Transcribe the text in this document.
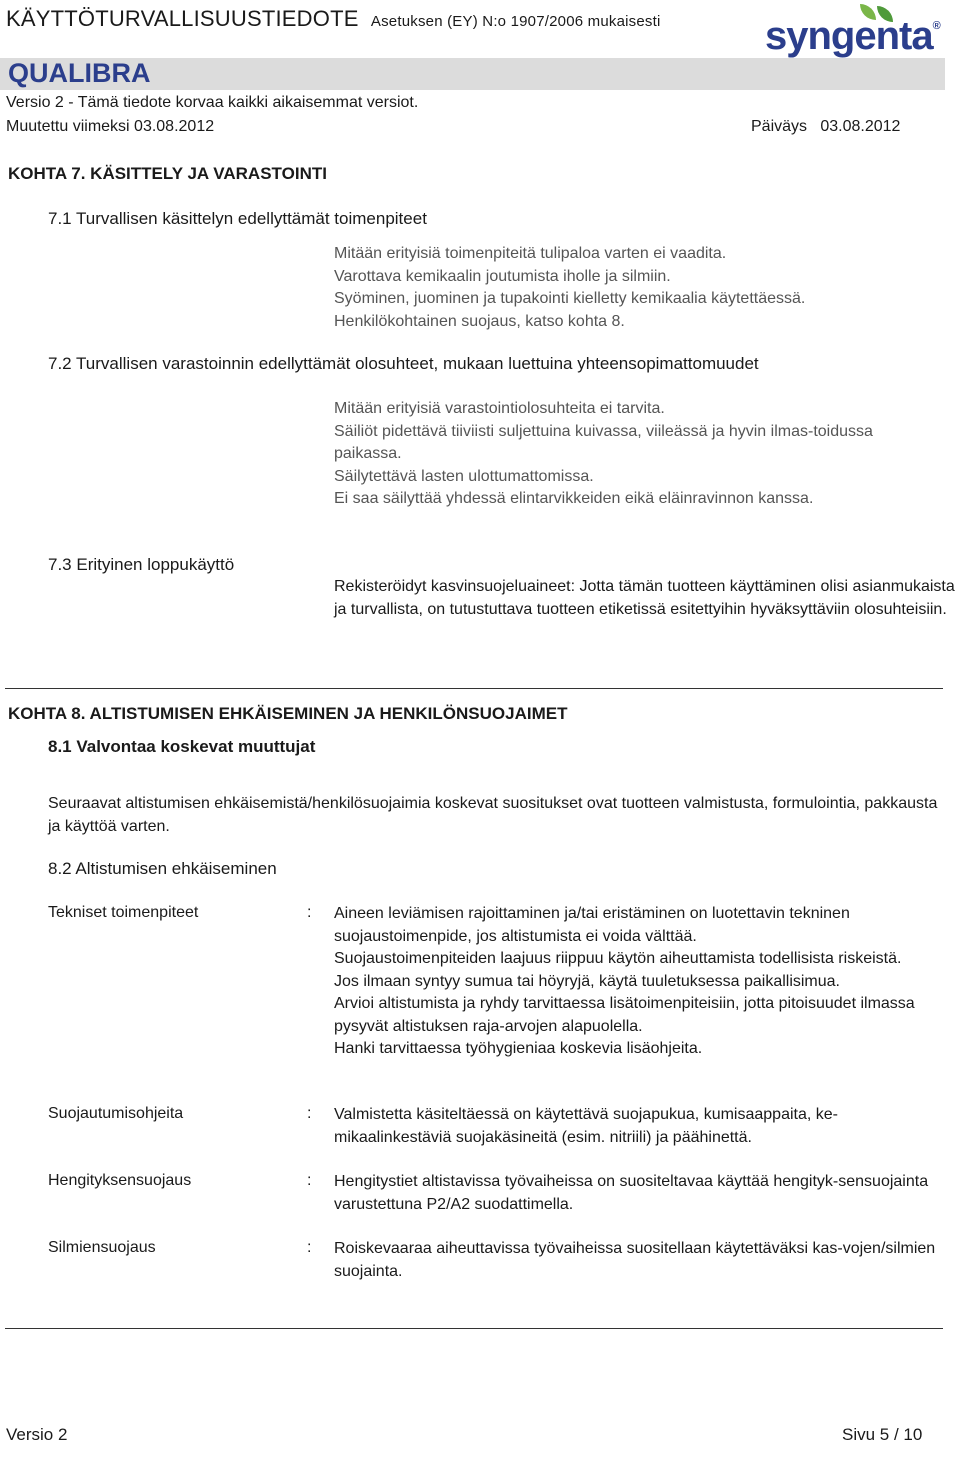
KÄYTTÖTURVALLISUUSTIEDOTE Asetuksen (EY) N:o 1907/2006 mukaisesti	syngenta®
QUALIBRA
Versio 2 - Tämä tiedote korvaa kaikki aikaisemmat versiot.
Muutettu viimeksi 03.08.2012	Päiväys 03.08.2012
KOHTA 7. KÄSITTELY JA VARASTOINTI
7.1 Turvallisen käsittelyn edellyttämät toimenpiteet

Mitään erityisiä toimenpiteitä tulipaloa varten ei vaadita.

Varottava kemikaalin joutumista iholle ja silmiin.

Syöminen, juominen ja tupakointi kielletty kemikaalia käytettäessä.

Henkilökohtainen suojaus, katso kohta 8.

7.2 Turvallisen varastoinnin edellyttämät olosuhteet, mukaan luettuina yhteensopimattomuudet

Mitään erityisiä varastointiolosuhteita ei tarvita.

Säiliöt pidettävä tiiviisti suljettuina kuivassa, viileässä ja hyvin ilmas-toidussa paikassa.

Säilytettävä lasten ulottumattomissa.

Ei saa säilyttää yhdessä elintarvikkeiden eikä eläinravinnon kanssa.

7.3 Erityinen loppukäyttö

Rekisteröidyt kasvinsuojeluaineet: Jotta tämän tuotteen käyttäminen olisi asianmukaista ja turvallista, on tutustuttava tuotteen etiketissä esitettyihin hyväksyttäviin olosuhteisiin.

KOHTA 8. ALTISTUMISEN EHKÄISEMINEN JA HENKILÖNSUOJAIMET
8.1 Valvontaa koskevat muuttujat

Seuraavat altistumisen ehkäisemistä/henkilösuojaimia koskevat suositukset ovat tuotteen valmistusta, formulointia, pakkausta ja käyttöä varten.

8.2 Altistumisen ehkäiseminen
Tekniset toimenpiteet	: Aineen leviämisen rajoittaminen ja/tai eristäminen on luotettavin tekninen suojaustoimenpide, jos altistumista ei voida välttää.

Suojaustoimenpiteiden laajuus riippuu käytön aiheuttamista todellisista riskeistä.

Jos ilmaan syntyy sumua tai höyryjä, käytä tuuletuksessa paikallisimua.

Arvioi altistumista ja ryhdy tarvittaessa lisätoimenpiteisiin, jotta pitoisuudet ilmassa pysyvät altistuksen raja-arvojen alapuolella.

Hanki tarvittaessa työhygieniaa koskevia lisäohjeita.

Suojautumisohjeita	: Valmistetta käsiteltäessä on käytettävä suojapukua, kumisaappaita, ke-mikaalinkestäviä suojakäsineitä (esim. nitriili) ja päähinettä.

Hengityksensuojaus	: Hengitystiet altistavissa työvaiheissa on suositeltavaa käyttää hengityk-sensuojainta varustettuna P2/A2 suodattimella.

Silmiensuojaus	: Roiskevaaraa aiheuttavissa työvaiheissa suositellaan käytettäväksi kas-vojen/silmien suojainta.

Versio 2	Sivu 5 / 10
